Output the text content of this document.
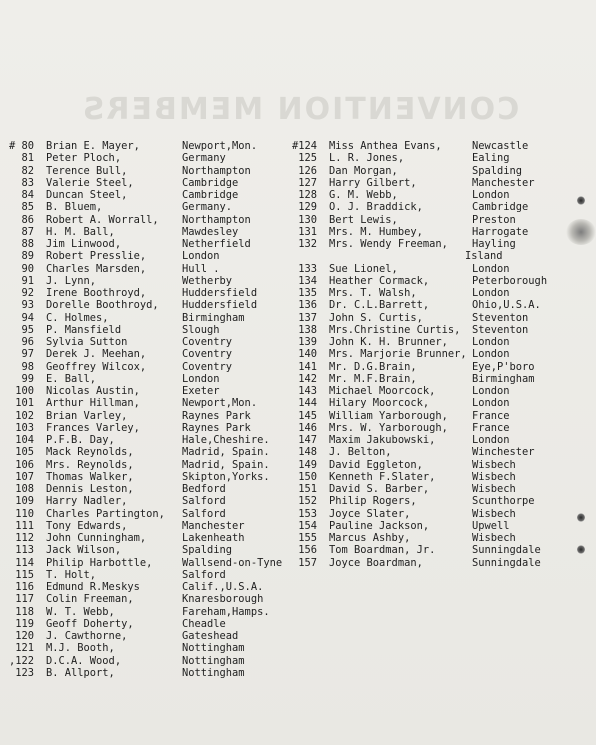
CONVENTION MEMBERS
# 80 Brian E. Mayer,	Newport,Mon.
81 Peter Ploch,	Germany
82 Terence Bull,	Northampton
83 Valerie Steel,	Cambridge
84 Duncan Steel,	Cambridge
85 B. Bluem,	Germany.
86 Robert A. Worrall,	Northampton
87 H. M. Ball,	Mawdesley
88 Jim Linwood,	Netherfield
89 Robert Presslie,	London
90 Charles Marsden,	Hull .
91 J. Lynn,	Wetherby
92 Irene Boothroyd,	Huddersfield
93 Dorelle Boothroyd,	Huddersfield
94 C. Holmes,	Birmingham
95 P. Mansfield	Slough
96 Sylvia Sutton	Coventry
97 Derek J. Meehan,	Coventry
98 Geoffrey Wilcox,	Coventry
99 E. Ball,	London
100 Nicolas Austin,	Exeter
101 Arthur Hillman,	Newport,Mon.
102 Brian Varley,	Raynes Park
103 Frances Varley,	Raynes Park
104 P.F.B. Day,	Hale,Cheshire.
105 Mack Reynolds,	Madrid, Spain.
106 Mrs. Reynolds,	Madrid, Spain.
107 Thomas Walker,	Skipton,Yorks.
108 Dennis Leston,	Bedford
109 Harry Nadler,	Salford
110 Charles Partington,	Salford
111 Tony Edwards,	Manchester
112 John Cunningham,	Lakenheath
113 Jack Wilson,	Spalding
114 Philip Harbottle,	Wallsend-on-Tyne
115 T. Holt,	Salford
116 Edmund R.Meskys	Calif.,U.S.A.
117 Colin Freeman,	Knaresborough
118 W. T. Webb,	Fareham,Hamps.
119 Geoff Doherty,	Cheadle
120 J. Cawthorne,	Gateshead
121 M.J. Booth,	Nottingham
,122 D.C.A. Wood,	Nottingham
123 B. Allport,	Nottingham
#124 Miss Anthea Evans,	Newcastle
125 L. R. Jones,	Ealing
126 Dan Morgan,	Spalding
127 Harry Gilbert,	Manchester
128 G. M. Webb,	London
129 O. J. Braddick,	Cambridge
130 Bert Lewis,	Preston
131 Mrs. M. Humbey,	Harrogate
132 Mrs. Wendy Freeman,	Hayling
Island
133 Sue Lionel,	London
134 Heather Cormack,	Peterborough
135 Mrs. T. Walsh,	London
136 Dr. C.L.Barrett,	Ohio,U.S.A.
137 John S. Curtis,	Steventon
138 Mrs.Christine Curtis,	Steventon
139 John K. H. Brunner,	London
140 Mrs. Marjorie Brunner, London
141 Mr. D.G.Brain,	Eye,P'boro
142 Mr. M.F.Brain,	Birmingham
143 Michael Moorcock,	London
144 Hilary Moorcock,	London
145 William Yarborough,	France
146 Mrs. W. Yarborough,	France
147 Maxim Jakubowski,	London
148 J. Belton,	Winchester
149 David Eggleton,	Wisbech
150 Kenneth F.Slater,	Wisbech
151 David S. Barber,	Wisbech
152 Philip Rogers,	Scunthorpe
153 Joyce Slater,	Wisbech
154 Pauline Jackson,	Upwell
155 Marcus Ashby,	Wisbech
156 Tom Boardman, Jr.	Sunningdale
157 Joyce Boardman,	Sunningdale
